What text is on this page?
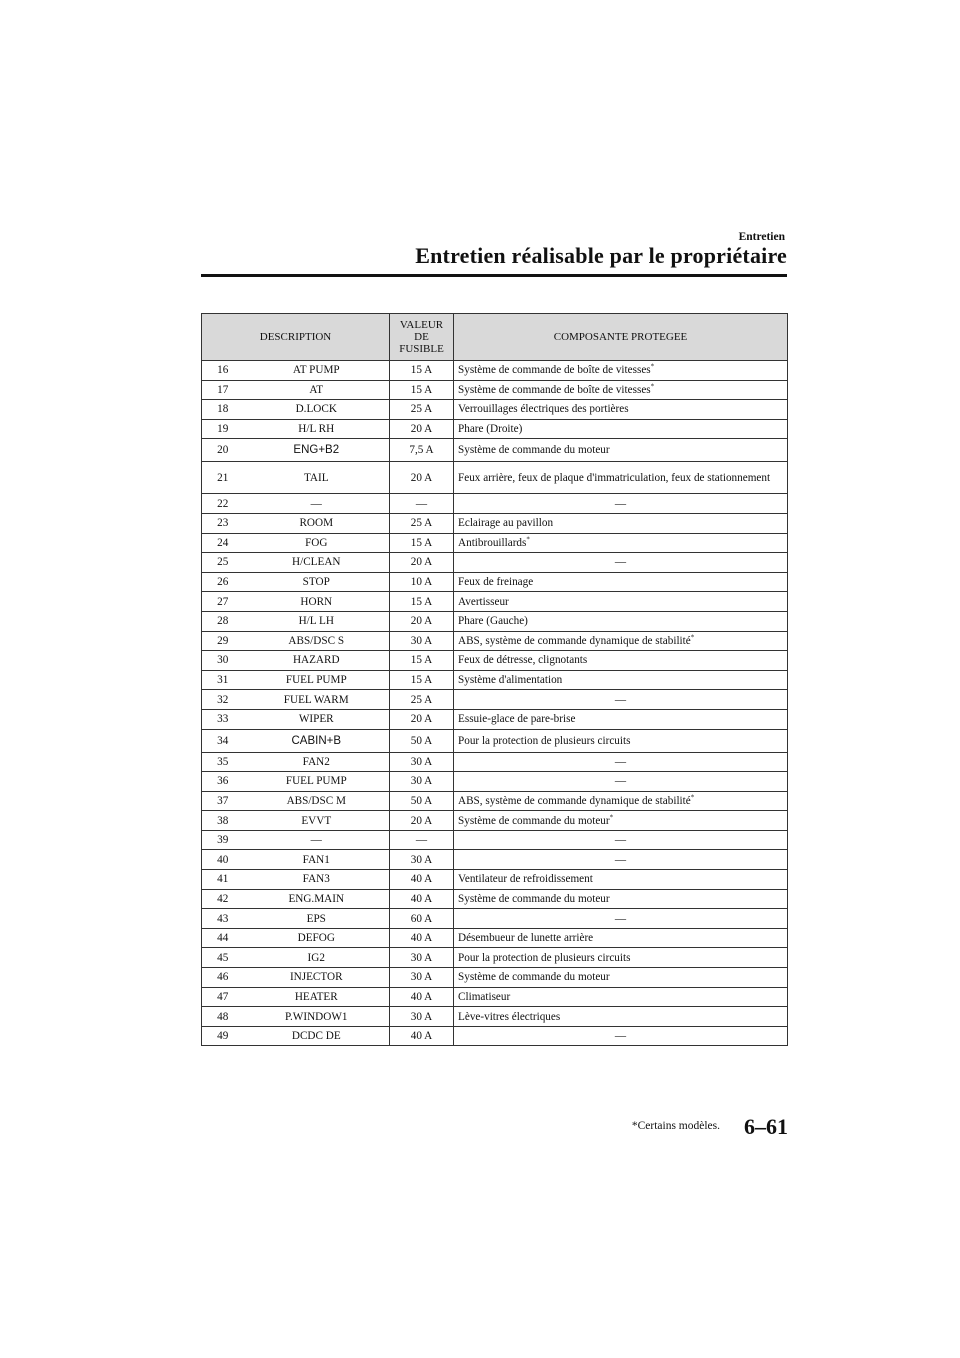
Entretien
Entretien réalisable par le propriétaire
DESCRIPTION		VALEUR
DE
FUSIBLE	COMPOSANTE PROTEGEE
16	AT PUMP	15 A	Système de commande de boîte de vitesses*
17	AT	15 A	Système de commande de boîte de vitesses*
18	D.LOCK	25 A	Verrouillages électriques des portières
19	H/L RH	20 A	Phare (Droite)
20	ENG+B2	7,5 A	Système de commande du moteur
21	TAIL	20 A	Feux arrière, feux de plaque d'immatriculation, feux de stationnement
22	—	—	—
23	ROOM	25 A	Eclairage au pavillon
24	FOG	15 A	Antibrouillards*
25	H/CLEAN	20 A	—
26	STOP	10 A	Feux de freinage
27	HORN	15 A	Avertisseur
28	H/L LH	20 A	Phare (Gauche)
29	ABS/DSC S	30 A	ABS, système de commande dynamique de stabilité*
30	HAZARD	15 A	Feux de détresse, clignotants
31	FUEL PUMP	15 A	Système d'alimentation
32	FUEL WARM	25 A	—
33	WIPER	20 A	Essuie-glace de pare-brise
34	CABIN+B	50 A	Pour la protection de plusieurs circuits
35	FAN2	30 A	—
36	FUEL PUMP	30 A	—
37	ABS/DSC M	50 A	ABS, système de commande dynamique de stabilité*
38	EVVT	20 A	Système de commande du moteur*
39	—	—	—
40	FAN1	30 A	—
41	FAN3	40 A	Ventilateur de refroidissement
42	ENG.MAIN	40 A	Système de commande du moteur
43	EPS	60 A	—
44	DEFOG	40 A	Désembueur de lunette arrière
45	IG2	30 A	Pour la protection de plusieurs circuits
46	INJECTOR	30 A	Système de commande du moteur
47	HEATER	40 A	Climatiseur
48	P.WINDOW1	30 A	Lève-vitres électriques
49	DCDC DE	40 A	—
*Certains modèles. 6–61
